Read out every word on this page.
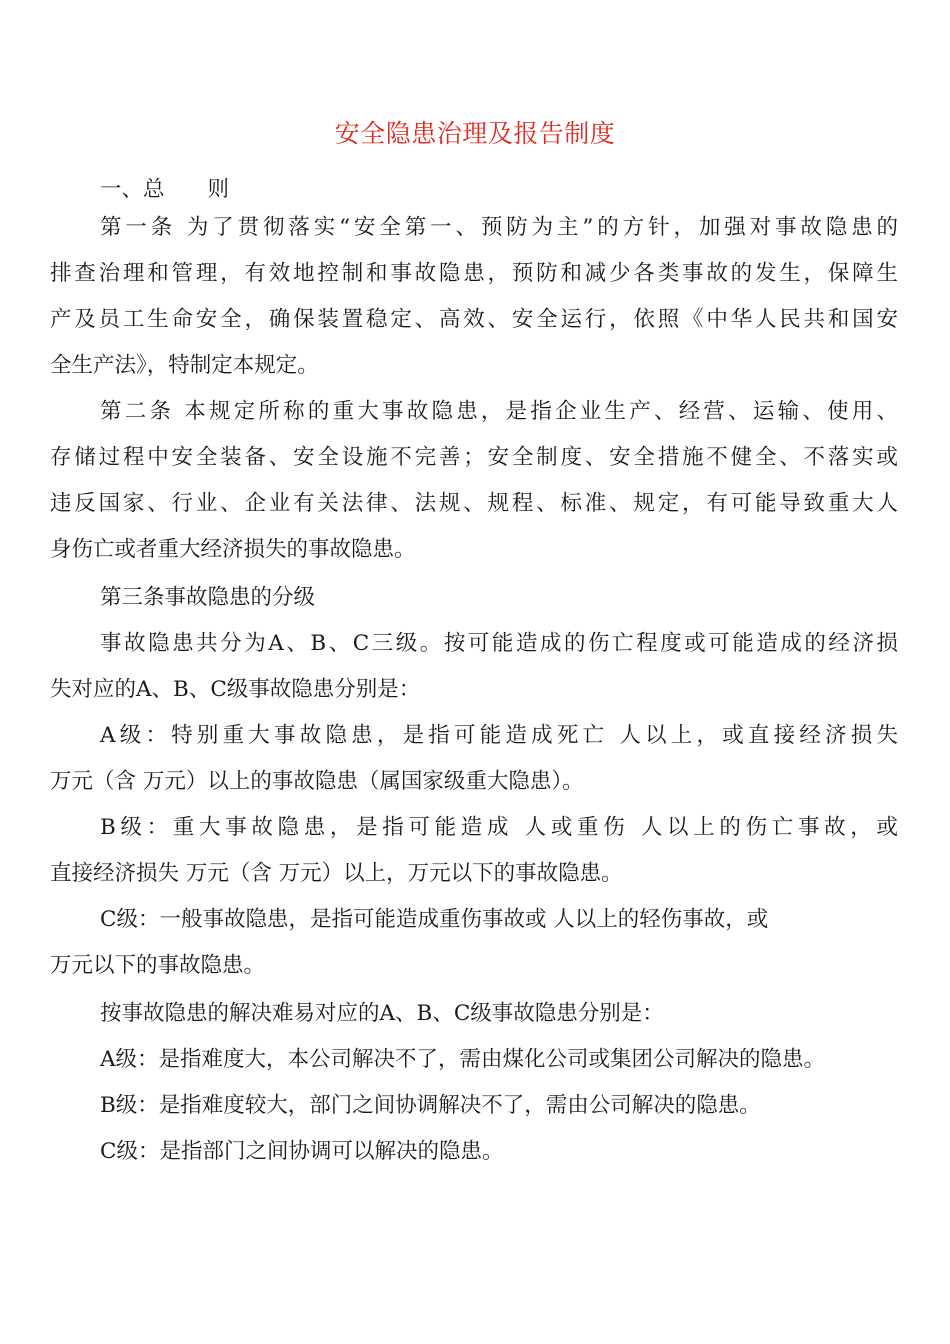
安全隐患治理及报告制度
一、总　　则
第一条 为了贯彻落实“安全第一、预防为主”的方针，加强对事故隐患的
排查治理和管理，有效地控制和事故隐患，预防和减少各类事故的发生，保障生
产及员工生命安全，确保装置稳定、高效、安全运行，依照《中华人民共和国安
全生产法》，特制定本规定。
第二条 本规定所称的重大事故隐患，是指企业生产、经营、运输、使用、
存储过程中安全装备、安全设施不完善；安全制度、安全措施不健全、不落实或
违反国家、行业、企业有关法律、法规、规程、标准、规定，有可能导致重大人
身伤亡或者重大经济损失的事故隐患。
第三条事故隐患的分级
事故隐患共分为A、B、C三级。按可能造成的伤亡程度或可能造成的经济损
失对应的A、B、C级事故隐患分别是：
A级：特别重大事故隐患，是指可能造成死亡 人以上，或直接经济损失
万元（含 万元）以上的事故隐患（属国家级重大隐患）。
B级：重大事故隐患，是指可能造成 人或重伤 人以上的伤亡事故，或
直接经济损失 万元（含 万元）以上，万元以下的事故隐患。
C级：一般事故隐患，是指可能造成重伤事故或 人以上的轻伤事故，或
万元以下的事故隐患。
按事故隐患的解决难易对应的A、B、C级事故隐患分别是：
A级：是指难度大，本公司解决不了，需由煤化公司或集团公司解决的隐患。
B级：是指难度较大，部门之间协调解决不了，需由公司解决的隐患。
C级：是指部门之间协调可以解决的隐患。
